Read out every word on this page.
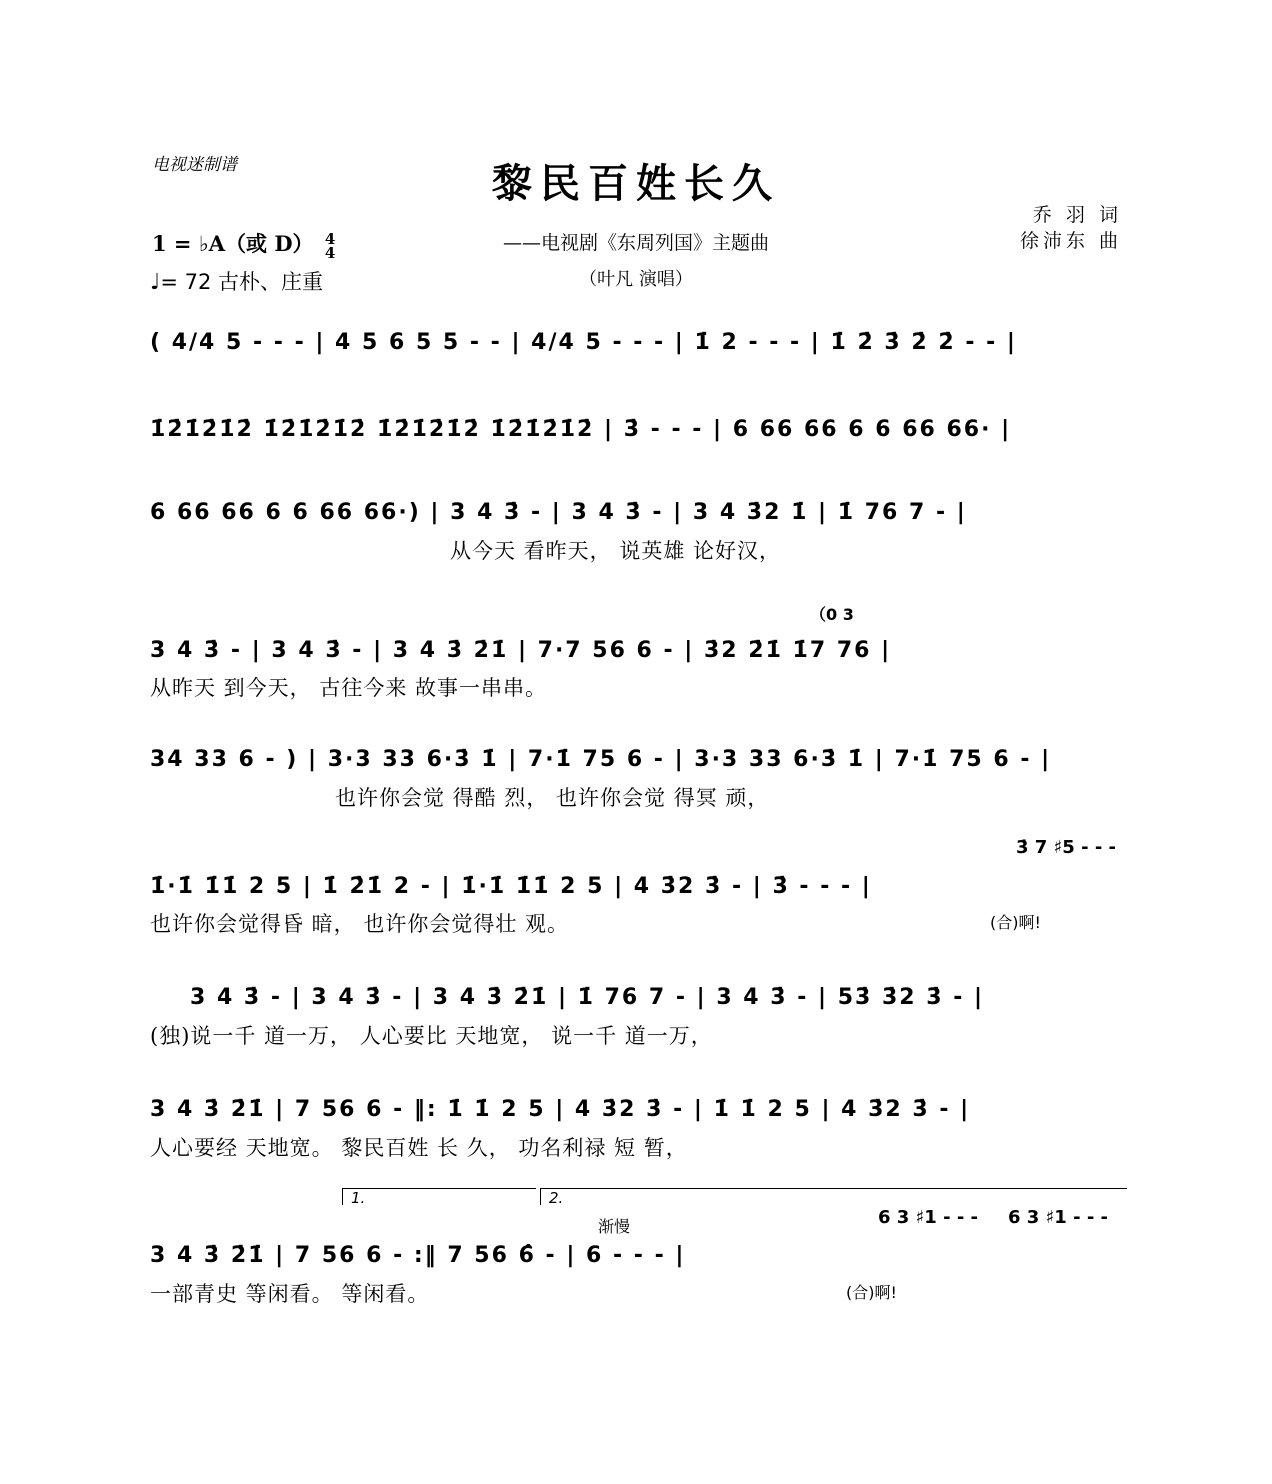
电视迷制谱	黎民百姓长久
——电视剧《东周列国》主题曲
（叶凡 演唱）
乔 羽 词
徐沛东 曲
1 = ♭A（或 D） 4
4
♩= 72 古朴、庄重
( 4/4 5 - - - | 4 5 6 5 5 - - | 4/4 5 - - - | 1̇ 2 - - - | 1̇ 2̇ 3̇ 2̇ 2̇ - - |
1̇2̇1̇2̇1̇2̇ 1̇2̇1̇2̇1̇2̇ 1̇2̇1̇2̇1̇2̇ 1̇2̇1̇2̇1̇2̇ | 3̇ - - - | 6 66 66 6 6 66 66· |
6 66 66 6 6 66 66·) | 3 4 3̇ - | 3 4 3̇ - | 3 4 3̇2 1̇ | 1̇ 76 7 - |
从今天 看昨天， 说英雄 论好汉，
（0 3
3 4 3̇ - | 3 4 3̇ - | 3 4 3̇ 2̇1̇ | 7·7 56 6 - | 3̇2 2̇1̇ 1̇7 76 |
从昨天 到今天， 古往今来 故事一串串。
34 33 6 - ) | 3·3 33 6·3̇ 1̇ | 7·1̇ 75 6 - | 3·3 33 6·3̇ 1̇ | 7·1̇ 75 6 - |
也许你会觉 得酷 烈， 也许你会觉 得冥 顽，
3̇ 7 ♯5 - - -
1̇·1̇ 1̇1̇ 2 5 | 1̇ 2̇1̇ 2 - | 1̇·1̇ 1̇1̇ 2 5 | 4 3̇2 3̇ - | 3̇ - - - |
也许你会觉得昏 暗， 也许你会觉得壮 观。	(合)啊!
3 4 3̇ - | 3 4 3̇ - | 3 4 3̇ 2̇1̇ | 1̇ 76 7 - | 3 4 3̇ - | 53̇ 3̇2 3̇ - |
(独)说一千 道一万， 人心要比 天地宽， 说一千 道一万，
3 4 3̇ 2̇1̇ | 7 56 6 - ‖: 1̇ 1̇ 2 5 | 4 3̇2 3̇ - | 1̇ 1̇ 2 5 | 4 3̇2 3̇ - |
人心要经 天地宽。 黎民百姓 长 久， 功名利禄 短 暂，
1.	2.
渐慢	6 3 ♯1 - - - 6 3 ♯1 - - -
3 4 3̇ 2̇1̇ | 7 56 6 - :‖ 7 56 6̂ - | 6 - - - |
一部青史 等闲看。 等闲看。	(合)啊!
